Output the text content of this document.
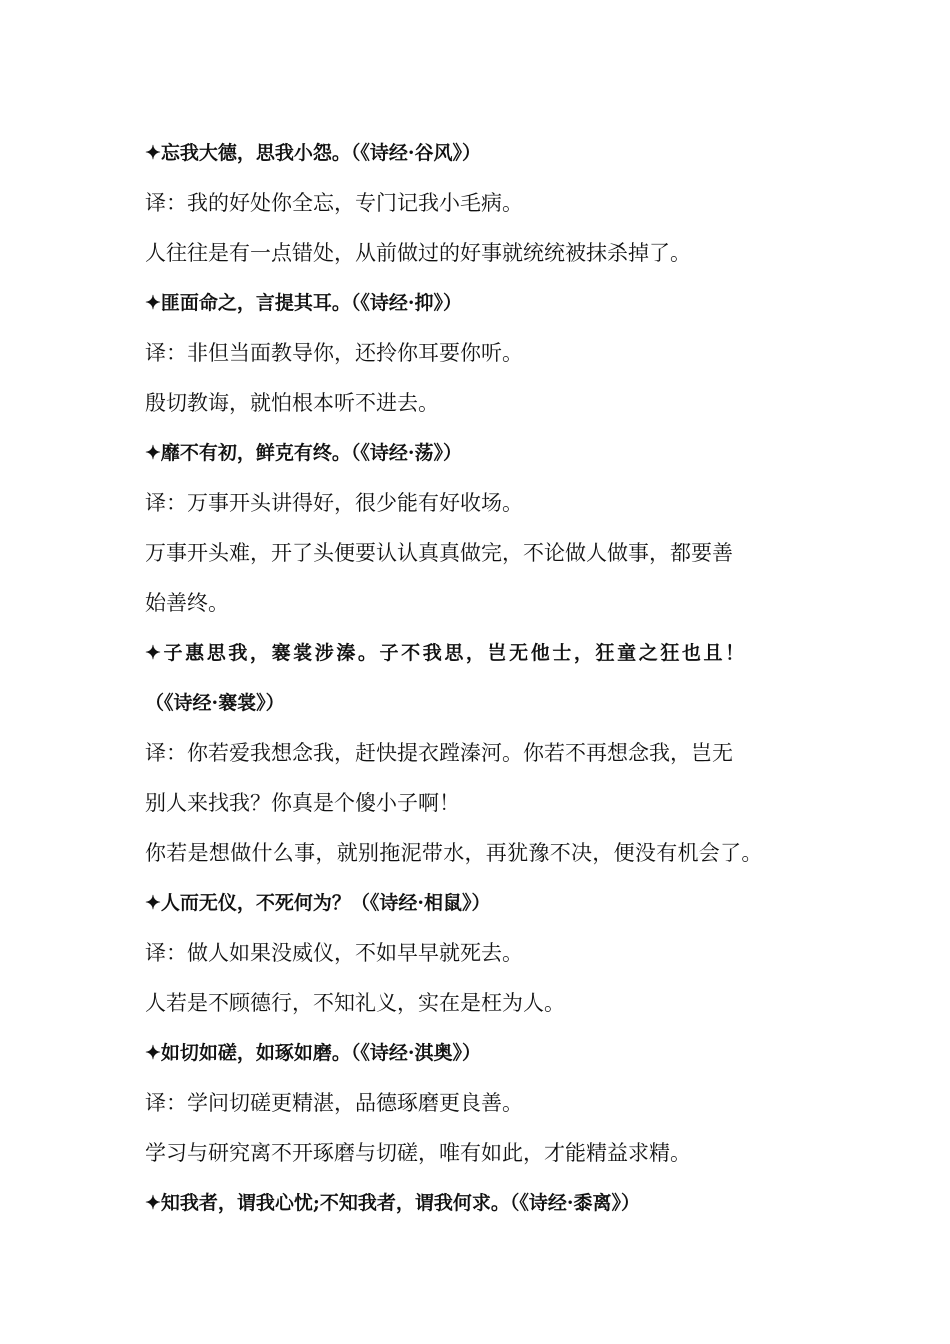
✦忘我大德，思我小怨。（《诗经·谷风》）
译：我的好处你全忘，专门记我小毛病。
人往往是有一点错处，从前做过的好事就统统被抹杀掉了。
✦匪面命之，言提其耳。（《诗经·抑》）
译：非但当面教导你，还拎你耳要你听。
殷切教诲，就怕根本听不进去。
✦靡不有初，鲜克有终。（《诗经·荡》）
译：万事开头讲得好，很少能有好收场。
万事开头难，开了头便要认认真真做完，不论做人做事，都要善
始善终。
✦子惠思我，褰裳涉溱。子不我思，岂无他士，狂童之狂也且！
（《诗经·褰裳》）
译：你若爱我想念我，赶快提衣蹚溱河。你若不再想念我，岂无
别人来找我？你真是个傻小子啊！
你若是想做什么事，就别拖泥带水，再犹豫不决，便没有机会了。
✦人而无仪，不死何为？（《诗经·相鼠》）
译：做人如果没威仪，不如早早就死去。
人若是不顾德行，不知礼义，实在是枉为人。
✦如切如磋，如琢如磨。（《诗经·淇奥》）
译：学问切磋更精湛，品德琢磨更良善。
学习与研究离不开琢磨与切磋，唯有如此，才能精益求精。
✦知我者，谓我心忧;不知我者，谓我何求。（《诗经·黍离》）
